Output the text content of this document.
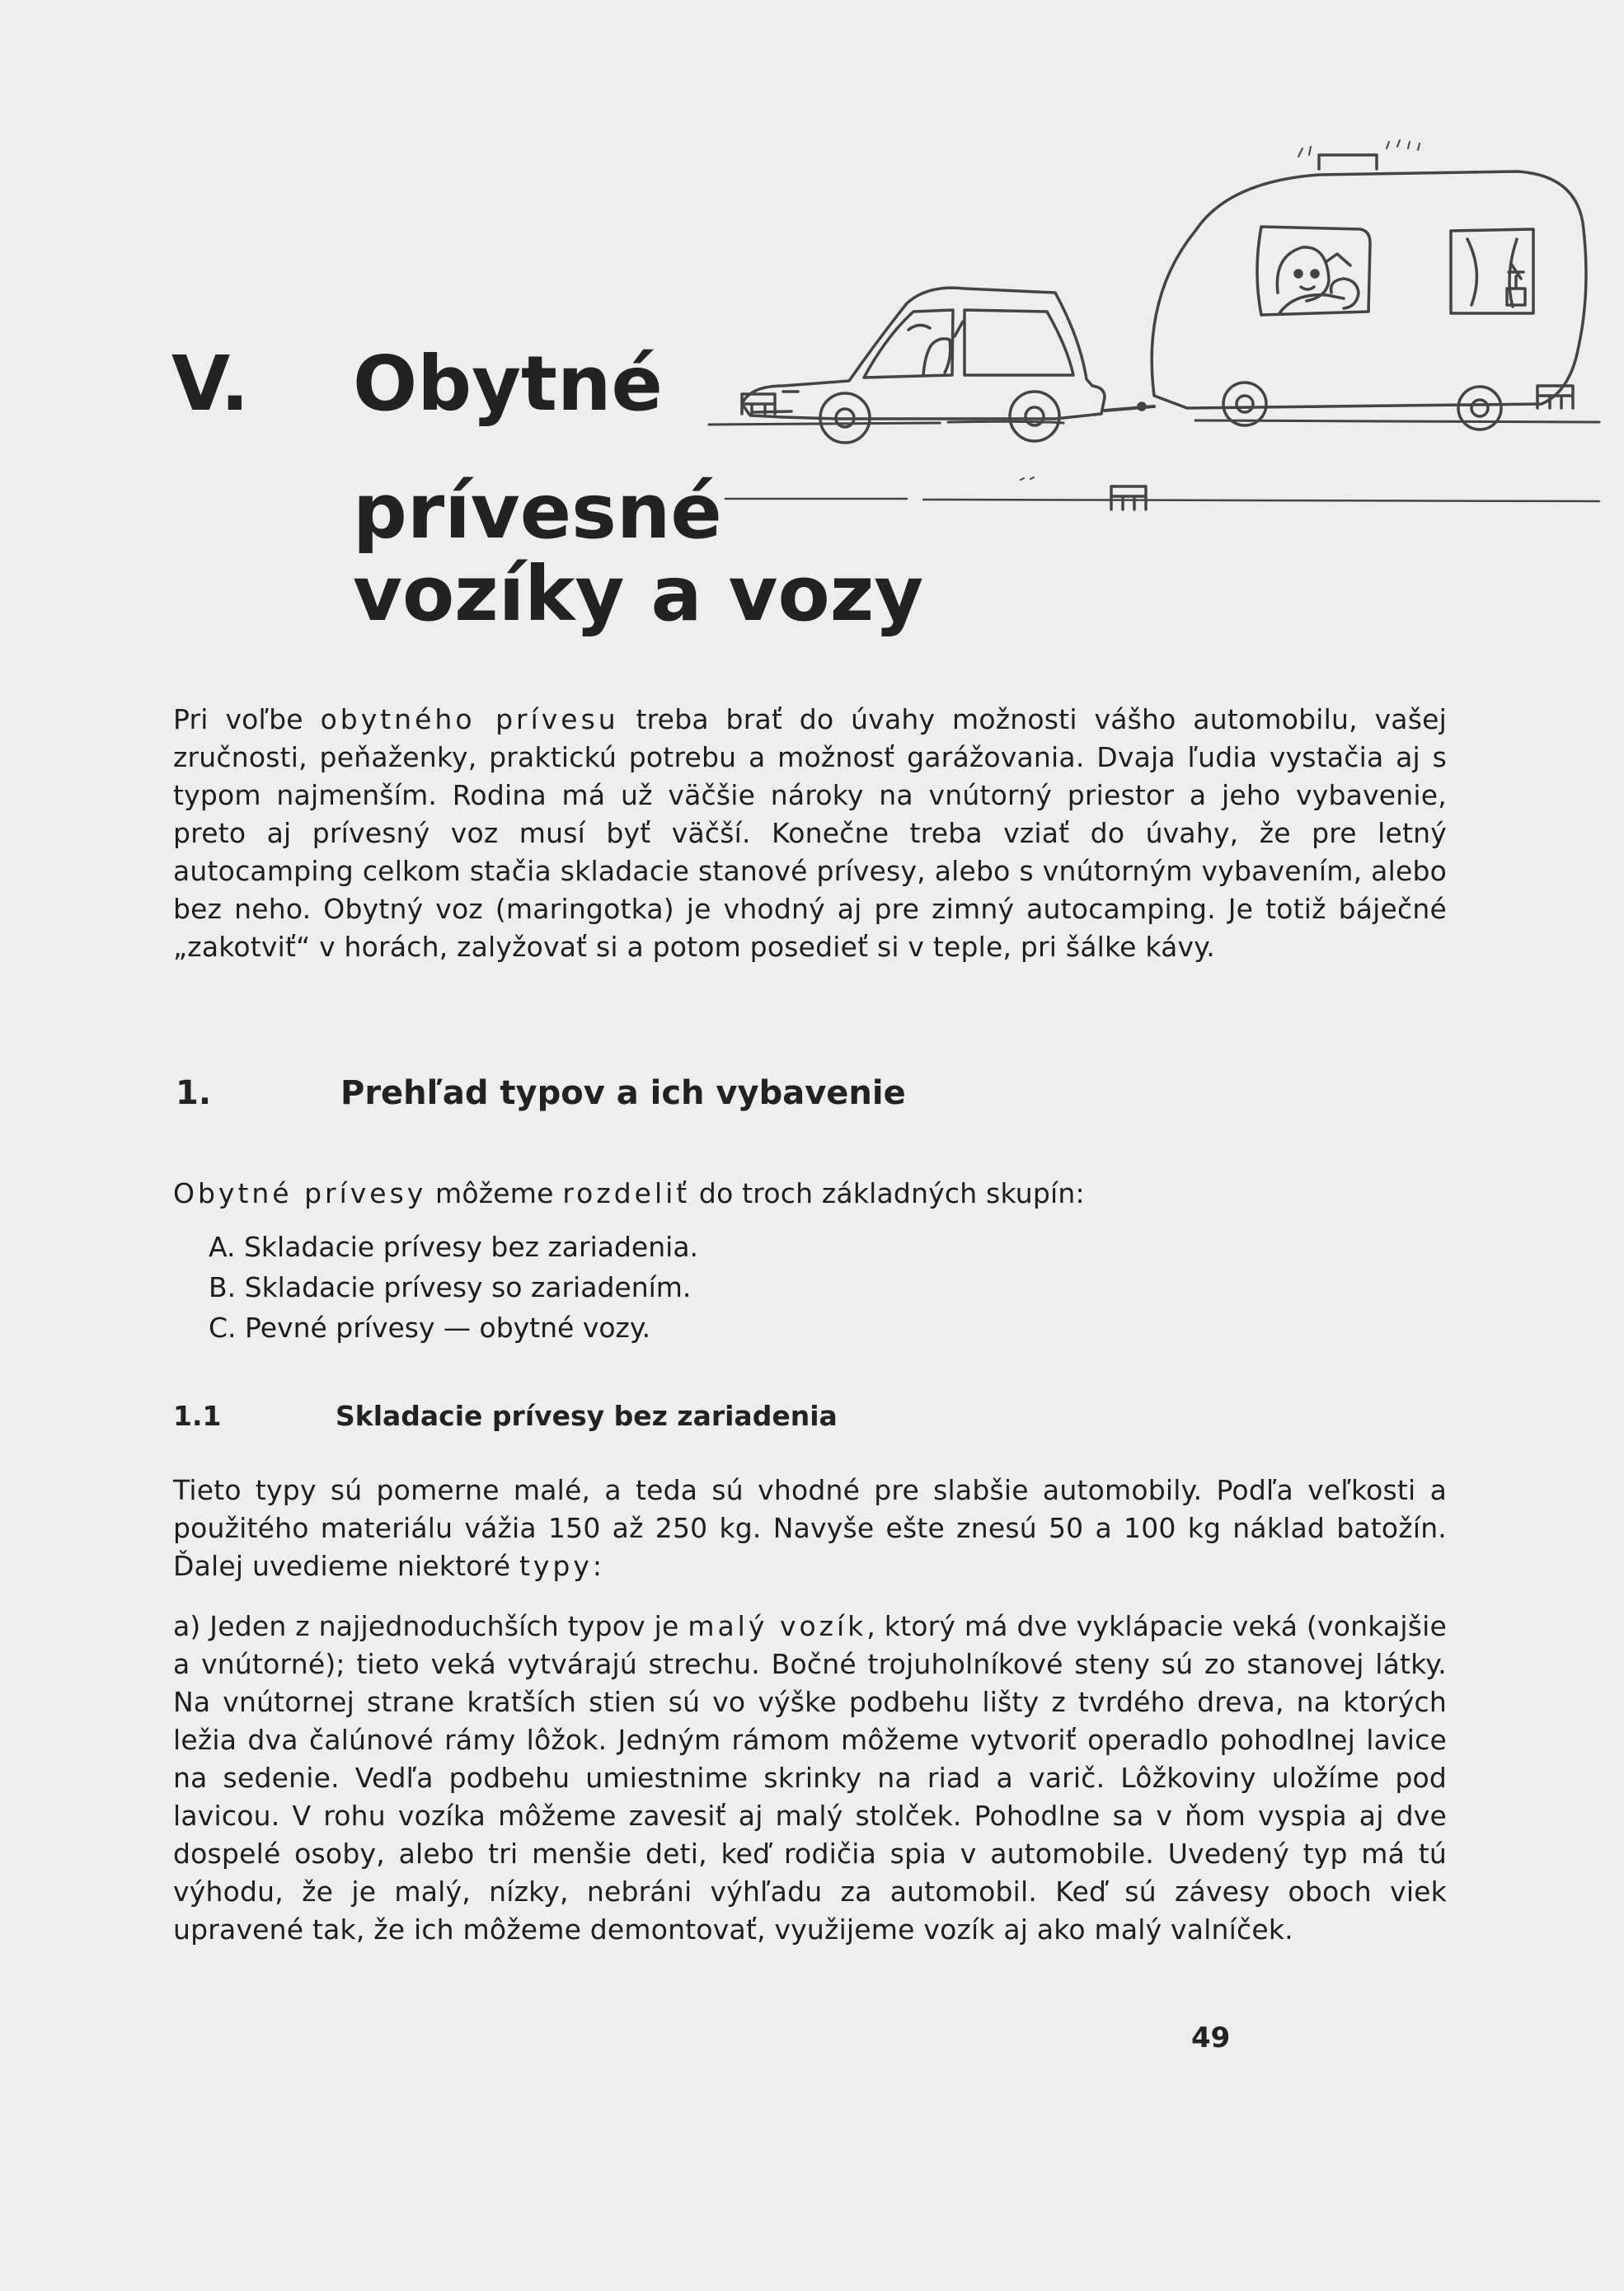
V. Obytné
prívesné
vozíky a vozy
Pri voľbe obytného prívesu treba brať do úvahy možnosti vášho automobilu, vašej zručnosti, peňaženky, praktickú potrebu a možnosť garážovania. Dvaja ľudia vystačia aj s typom najmenším. Rodina má už väčšie nároky na vnútorný priestor a jeho vybavenie, preto aj prívesný voz musí byť väčší. Konečne treba vziať do úvahy, že pre letný autocamping celkom stačia skladacie stanové prívesy, alebo s vnútorným vybavením, alebo bez neho. Obytný voz (maringotka) je vhodný aj pre zimný autocamping. Je totiž báječné „zakotviť“ v horách, zalyžovať si a potom posedieť si v teple, pri šálke kávy.
1.	Prehľad typov a ich vybavenie
Obytné prívesy môžeme rozdeliť do troch základných skupín:
A. Skladacie prívesy bez zariadenia.
B. Skladacie prívesy so zariadením.
C. Pevné prívesy — obytné vozy.
1.1	Skladacie prívesy bez zariadenia
Tieto typy sú pomerne malé, a teda sú vhodné pre slabšie automobily. Podľa veľkosti a použitého materiálu vážia 150 až 250 kg. Navyše ešte znesú 50 a 100 kg náklad batožín. Ďalej uvedieme niektoré typy:
a) Jeden z najjednoduchších typov je malý vozík, ktorý má dve vyklápacie veká (vonkajšie a vnútorné); tieto veká vytvárajú strechu. Bočné trojuholníkové steny sú zo stanovej látky. Na vnútornej strane kratších stien sú vo výške podbehu lišty z tvrdého dreva, na ktorých ležia dva čalúnové rámy lôžok. Jedným rámom môžeme vytvoriť operadlo pohodlnej lavice na sedenie. Vedľa podbehu umiestnime skrinky na riad a varič. Lôžkoviny uložíme pod lavicou. V rohu vozíka môžeme zavesiť aj malý stolček. Pohodlne sa v ňom vyspia aj dve dospelé osoby, alebo tri menšie deti, keď rodičia spia v automobile. Uvedený typ má tú výhodu, že je malý, nízky, nebráni výhľadu za automobil. Keď sú závesy oboch viek upravené tak, že ich môžeme demontovať, využijeme vozík aj ako malý valníček.
49
